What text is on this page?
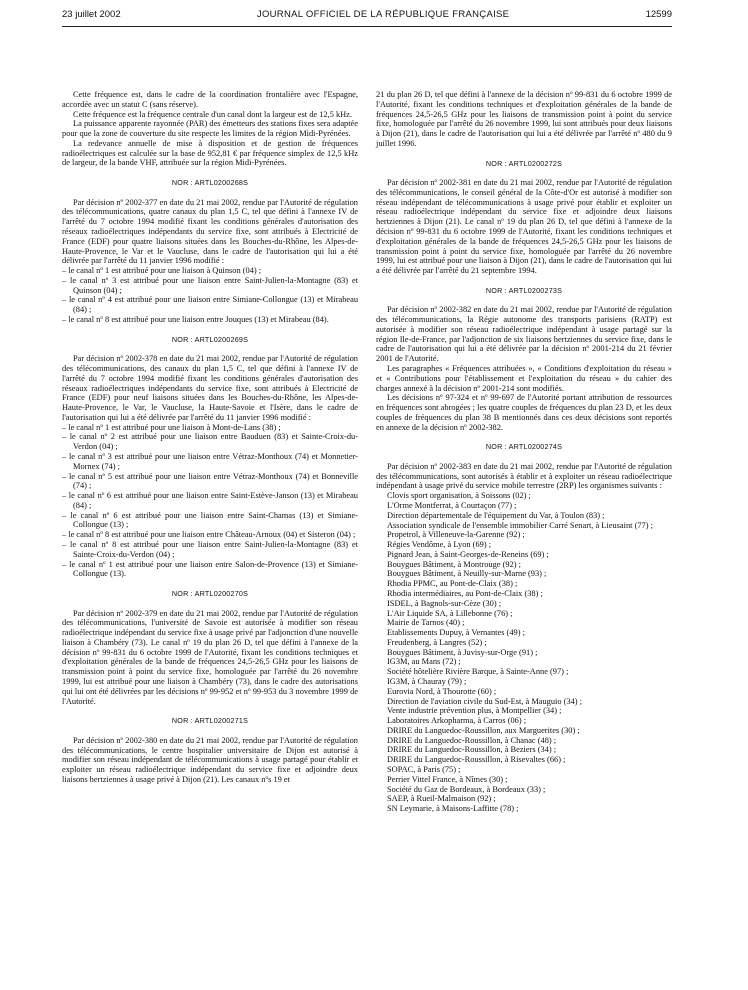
23 juillet 2002	JOURNAL OFFICIEL DE LA RÉPUBLIQUE FRANÇAISE	12599

Cette fréquence est, dans le cadre de la coordination frontalière avec l'Espagne, accordée avec un statut C (sans réserve).

Cette fréquence est la fréquence centrale d'un canal dont la largeur est de 12,5 kHz.

La puissance apparente rayonnée (PAR) des émetteurs des stations fixes sera adaptée pour que la zone de couverture du site respecte les limites de la région Midi-Pyrénées.

La redevance annuelle de mise à disposition et de gestion de fréquences radioélectriques est calculée sur la base de 952,81 € par fréquence simplex de 12,5 kHz de largeur, de la bande VHF, attribuée sur la région Midi-Pyrénées.

NOR : ARTL0200268S

Par décision nº 2002-377 en date du 21 mai 2002, rendue par l'Autorité de régulation des télécommunications, quatre canaux du plan 1,5 C, tel que défini à l'annexe IV de l'arrêté du 7 octobre 1994 modifié fixant les conditions générales d'autorisation des réseaux radioélectriques indépendants du service fixe, sont attribués à Electricité de France (EDF) pour quatre liaisons situées dans les Bouches-du-Rhône, les Alpes-de-Haute-Provence, le Var et le Vaucluse, dans le cadre de l'autorisation qui lui a été délivrée par l'arrêté du 11 janvier 1996 modifié :

– le canal nº 1 est attribué pour une liaison à Quinson (04) ;
– le canal nº 3 est attribué pour une liaison entre Saint-Julien-la-Montagne (83) et Quinson (04) ;
– le canal nº 4 est attribué pour une liaison entre Simiane-Collongue (13) et Mirabeau (84) ;
– le canal nº 8 est attribué pour une liaison entre Jouques (13) et Mirabeau (84).
NOR : ARTL0200269S

Par décision nº 2002-378 en date du 21 mai 2002, rendue par l'Autorité de régulation des télécommunications, des canaux du plan 1,5 C, tel que défini à l'annexe IV de l'arrêté du 7 octobre 1994 modifié fixant les conditions générales d'autorisation des réseaux radioélectriques indépendants du service fixe, sont attribués à Electricité de France (EDF) pour neuf liaisons situées dans les Bouches-du-Rhône, les Alpes-de-Haute-Provence, le Var, le Vaucluse, la Haute-Savoie et l'Isère, dans le cadre de l'autorisation qui lui a été délivrée par l'arrêté du 11 janvier 1996 modifié :

– le canal nº 1 est attribué pour une liaison à Mont-de-Lans (38) ;
– le canal nº 2 est attribué pour une liaison entre Bauduen (83) et Sainte-Croix-du-Verdon (04) ;
– le canal nº 3 est attribué pour une liaison entre Vétraz-Monthoux (74) et Monnetier-Mornex (74) ;
– le canal nº 5 est attribué pour une liaison entre Vétraz-Monthoux (74) et Bonneville (74) ;
– le canal nº 6 est attribué pour une liaison entre Saint-Estève-Janson (13) et Mirabeau (84) ;
– le canal nº 6 est attribué pour une liaison entre Saint-Chamas (13) et Simiane-Collongue (13) ;
– le canal nº 8 est attribué pour une liaison entre Château-Arnoux (04) et Sisteron (04) ;
– le canal nº 8 est attribué pour une liaison entre Saint-Julien-la-Montagne (83) et Sainte-Croix-du-Verdon (04) ;
– le canal nº 1 est attribué pour une liaison entre Salon-de-Provence (13) et Simiane-Collongue (13).
NOR : ARTL0200270S

Par décision nº 2002-379 en date du 21 mai 2002, rendue par l'Autorité de régulation des télécommunications, l'université de Savoie est autorisée à modifier son réseau radioélectrique indépendant du service fixe à usage privé par l'adjonction d'une nouvelle liaison à Chambéry (73). Le canal nº 19 du plan 26 D, tel que défini à l'annexe de la décision nº 99-831 du 6 octobre 1999 de l'Autorité, fixant les conditions techniques et d'exploitation générales de la bande de fréquences 24,5-26,5 GHz pour les liaisons de transmission point à point du service fixe, homologuée par l'arrêté du 26 novembre 1999, lui est attribué pour une liaison à Chambéry (73), dans le cadre des autorisations qui lui ont été délivrées par les décisions nº 99-952 et nº 99-953 du 3 novembre 1999 de l'Autorité.

NOR : ARTL0200271S

Par décision nº 2002-380 en date du 21 mai 2002, rendue par l'Autorité de régulation des télécommunications, le centre hospitalier universitaire de Dijon est autorisé à modifier son réseau indépendant de télécommunications à usage partagé pour établir et exploiter un réseau radioélectrique indépendant du service fixe et adjoindre deux liaisons hertziennes à usage privé à Dijon (21). Les canaux nºs 19 et

21 du plan 26 D, tel que défini à l'annexe de la décision nº 99-831 du 6 octobre 1999 de l'Autorité, fixant les conditions techniques et d'exploitation générales de la bande de fréquences 24,5-26,5 GHz pour les liaisons de transmission point à point du service fixe, homologuée par l'arrêté du 26 novembre 1999, lui sont attribués pour deux liaisons à Dijon (21), dans le cadre de l'autorisation qui lui a été délivrée par l'arrêté nº 480 du 9 juillet 1996.

NOR : ARTL0200272S

Par décision nº 2002-381 en date du 21 mai 2002, rendue par l'Autorité de régulation des télécommunications, le conseil général de la Côte-d'Or est autorisé à modifier son réseau indépendant de télécommunications à usage privé pour établir et exploiter un réseau radioélectrique indépendant du service fixe et adjoindre deux liaisons hertziennes à Dijon (21). Le canal nº 19 du plan 26 D, tel que défini à l'annexe de la décision nº 99-831 du 6 octobre 1999 de l'Autorité, fixant les conditions techniques et d'exploitation générales de la bande de fréquences 24,5-26,5 GHz pour les liaisons de transmission point à point du service fixe, homologuée par l'arrêté du 26 novembre 1999, lui est attribué pour une liaison à Dijon (21), dans le cadre de l'autorisation qui lui a été délivrée par l'arrêté du 21 septembre 1994.

NOR : ARTL0200273S

Par décision nº 2002-382 en date du 21 mai 2002, rendue par l'Autorité de régulation des télécommunications, la Régie autonome des transports parisiens (RATP) est autorisée à modifier son réseau radioélectrique indépendant à usage partagé sur la région Ile-de-France, par l'adjonction de six liaisons hertziennes du service fixe, dans le cadre de l'autorisation qui lui a été délivrée par la décision nº 2001-214 du 21 février 2001 de l'Autorité.

Les paragraphes « Fréquences attribuées », « Conditions d'exploitation du réseau » et « Contributions pour l'établissement et l'exploitation du réseau » du cahier des charges annexé à la décision nº 2001-214 sont modifiés.

Les décisions nº 97-324 et nº 99-697 de l'Autorité portant attribution de ressources en fréquences sont abrogées ; les quatre couples de fréquences du plan 23 D, et les deux couples de fréquences du plan 38 B mentionnés dans ces deux décisions sont reportés en annexe de la décision nº 2002-382.

NOR : ARTL0200274S

Par décision nº 2002-383 en date du 21 mai 2002, rendue par l'Autorité de régulation des télécommunications, sont autorisés à établir et à exploiter un réseau radioélectrique indépendant à usage privé du service mobile terrestre (2RP) les organismes suivants :

Clovis sport organisation, à Soissons (02) ;
L'Orme Montferrat, à Courtaçon (77) ;
Direction départementale de l'équipement du Var, à Toulon (83) ;
Association syndicale de l'ensemble immobilier Carré Senart, à Lieusaint (77) ;
Propetrol, à Villeneuve-la-Garenne (92) ;
Régies Vendôme, à Lyon (69) ;
Pignard Jean, à Saint-Georges-de-Reneins (69) ;
Bouygues Bâtiment, à Montrouge (92) ;
Bouygues Bâtiment, à Neuilly-sur-Marne (93) ;
Rhodia PPMC, au Pont-de-Claix (38) ;
Rhodia intermédiaires, au Pont-de-Claix (38) ;
ISDEL, à Bagnols-sur-Cèze (30) ;
L'Air Liquide SA, à Lillebonne (76) ;
Mairie de Tarnos (40) ;
Etablissements Dupuy, à Vernantes (49) ;
Freudenberg, à Langres (52) ;
Bouygues Bâtiment, à Juvisy-sur-Orge (91) ;
IG3M, au Mans (72) ;
Société hôtelière Rivière Barque, à Sainte-Anne (97) ;
IG3M, à Chauray (79) ;
Eurovia Nord, à Thourotte (60) ;
Direction de l'aviation civile du Sud-Est, à Mauguio (34) ;
Vente industrie prévention plus, à Montpellier (34) ;
Laboratoires Arkopharma, à Carros (06) ;
DRIRE du Languedoc-Roussillon, aux Marguerites (30) ;
DRIRE du Languedoc-Roussillon, à Chanac (48) ;
DRIRE du Languedoc-Roussillon, à Beziers (34) ;
DRIRE du Languedoc-Roussillon, à Risevaltes (66) ;
SOPAC, à Paris (75) ;
Perrier Vittel France, à Nîmes (30) ;
Société du Gaz de Bordeaux, à Bordeaux (33) ;
SAEP, à Rueil-Malmaison (92) ;
SN Leymarie, à Maisons-Laffitte (78) ;
